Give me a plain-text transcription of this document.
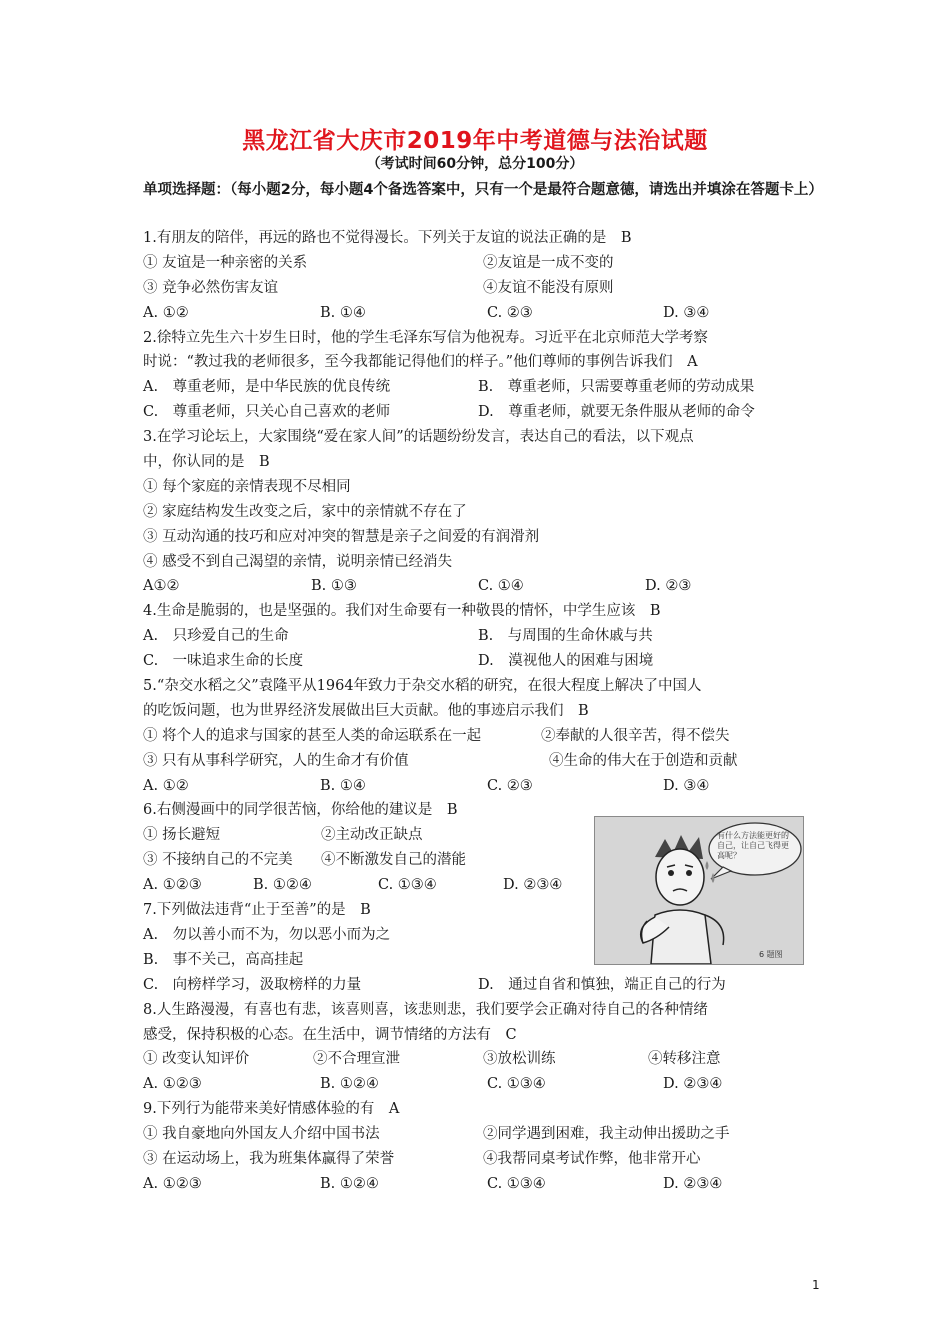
黑龙江省大庆市2019年中考道德与法治试题
（考试时间60分钟，总分100分）
单项选择题：（每小题2分，每小题4个备选答案中，只有一个是最符合题意德，请选出并填涂在答题卡上）
1.有朋友的陪伴，再远的路也不觉得漫长。下列关于友谊的说法正确的是　B
① 友谊是一种亲密的关系	②友谊是一成不变的
③ 竞争必然伤害友谊	④友谊不能没有原则
A. ①②	B. ①④	C. ②③	D. ③④
2.徐特立先生六十岁生日时，他的学生毛泽东写信为他祝寿。习近平在北京师范大学考察
时说：“教过我的老师很多，至今我都能记得他们的样子。”他们尊师的事例告诉我们　A
A.　尊重老师，是中华民族的优良传统	B.　尊重老师，只需要尊重老师的劳动成果
C.　尊重老师，只关心自己喜欢的老师	D.　尊重老师，就要无条件服从老师的命令
3.在学习论坛上，大家围绕“爱在家人间”的话题纷纷发言，表达自己的看法，以下观点
中，你认同的是　B
① 每个家庭的亲情表现不尽相同
② 家庭结构发生改变之后，家中的亲情就不存在了
③ 互动沟通的技巧和应对冲突的智慧是亲子之间爱的有润滑剂
④ 感受不到自己渴望的亲情，说明亲情已经消失
A①②	B. ①③	C. ①④	D. ②③
4.生命是脆弱的，也是坚强的。我们对生命要有一种敬畏的情怀，中学生应该　B
A.　只珍爱自己的生命	B.　与周围的生命休戚与共
C.　一味追求生命的长度	D.　漠视他人的困难与困境
5.“杂交水稻之父”袁隆平从1964年致力于杂交水稻的研究，在很大程度上解决了中国人
的吃饭问题，也为世界经济发展做出巨大贡献。他的事迹启示我们　B
① 将个人的追求与国家的甚至人类的命运联系在一起	②奉献的人很辛苦，得不偿失
③ 只有从事科学研究，人的生命才有价值	④生命的伟大在于创造和贡献
A. ①②	B. ①④	C. ②③	D. ③④
6.右侧漫画中的同学很苦恼，你给他的建议是　B
① 扬长避短	②主动改正缺点
③ 不接纳自己的不完美 ④不断激发自己的潜能
A. ①②③	B. ①②④	C. ①③④	D. ②③④
7.下列做法违背“止于至善”的是　B
A.　勿以善小而不为，勿以恶小而为之
B.　事不关己，高高挂起
C.　向榜样学习，汲取榜样的力量	D.　通过自省和慎独，端正自己的行为
8.人生路漫漫，有喜也有悲，该喜则喜，该悲则悲，我们要学会正确对待自己的各种情绪
感受，保持积极的心态。在生活中，调节情绪的方法有　C
① 改变认知评价	②不合理宣泄	③放松训练	④转移注意
A. ①②③	B. ①②④	C. ①③④	D. ②③④
9.下列行为能带来美好情感体验的有　A
① 我自豪地向外国友人介绍中国书法	②同学遇到困难，我主动伸出援助之手
③ 在运动场上，我为班集体赢得了荣誉	④我帮同桌考试作弊，他非常开心
A. ①②③	B. ①②④	C. ①③④	D. ②③④
有什么方法能更好的自己，让自己飞得更高呢？
6 题图
1
